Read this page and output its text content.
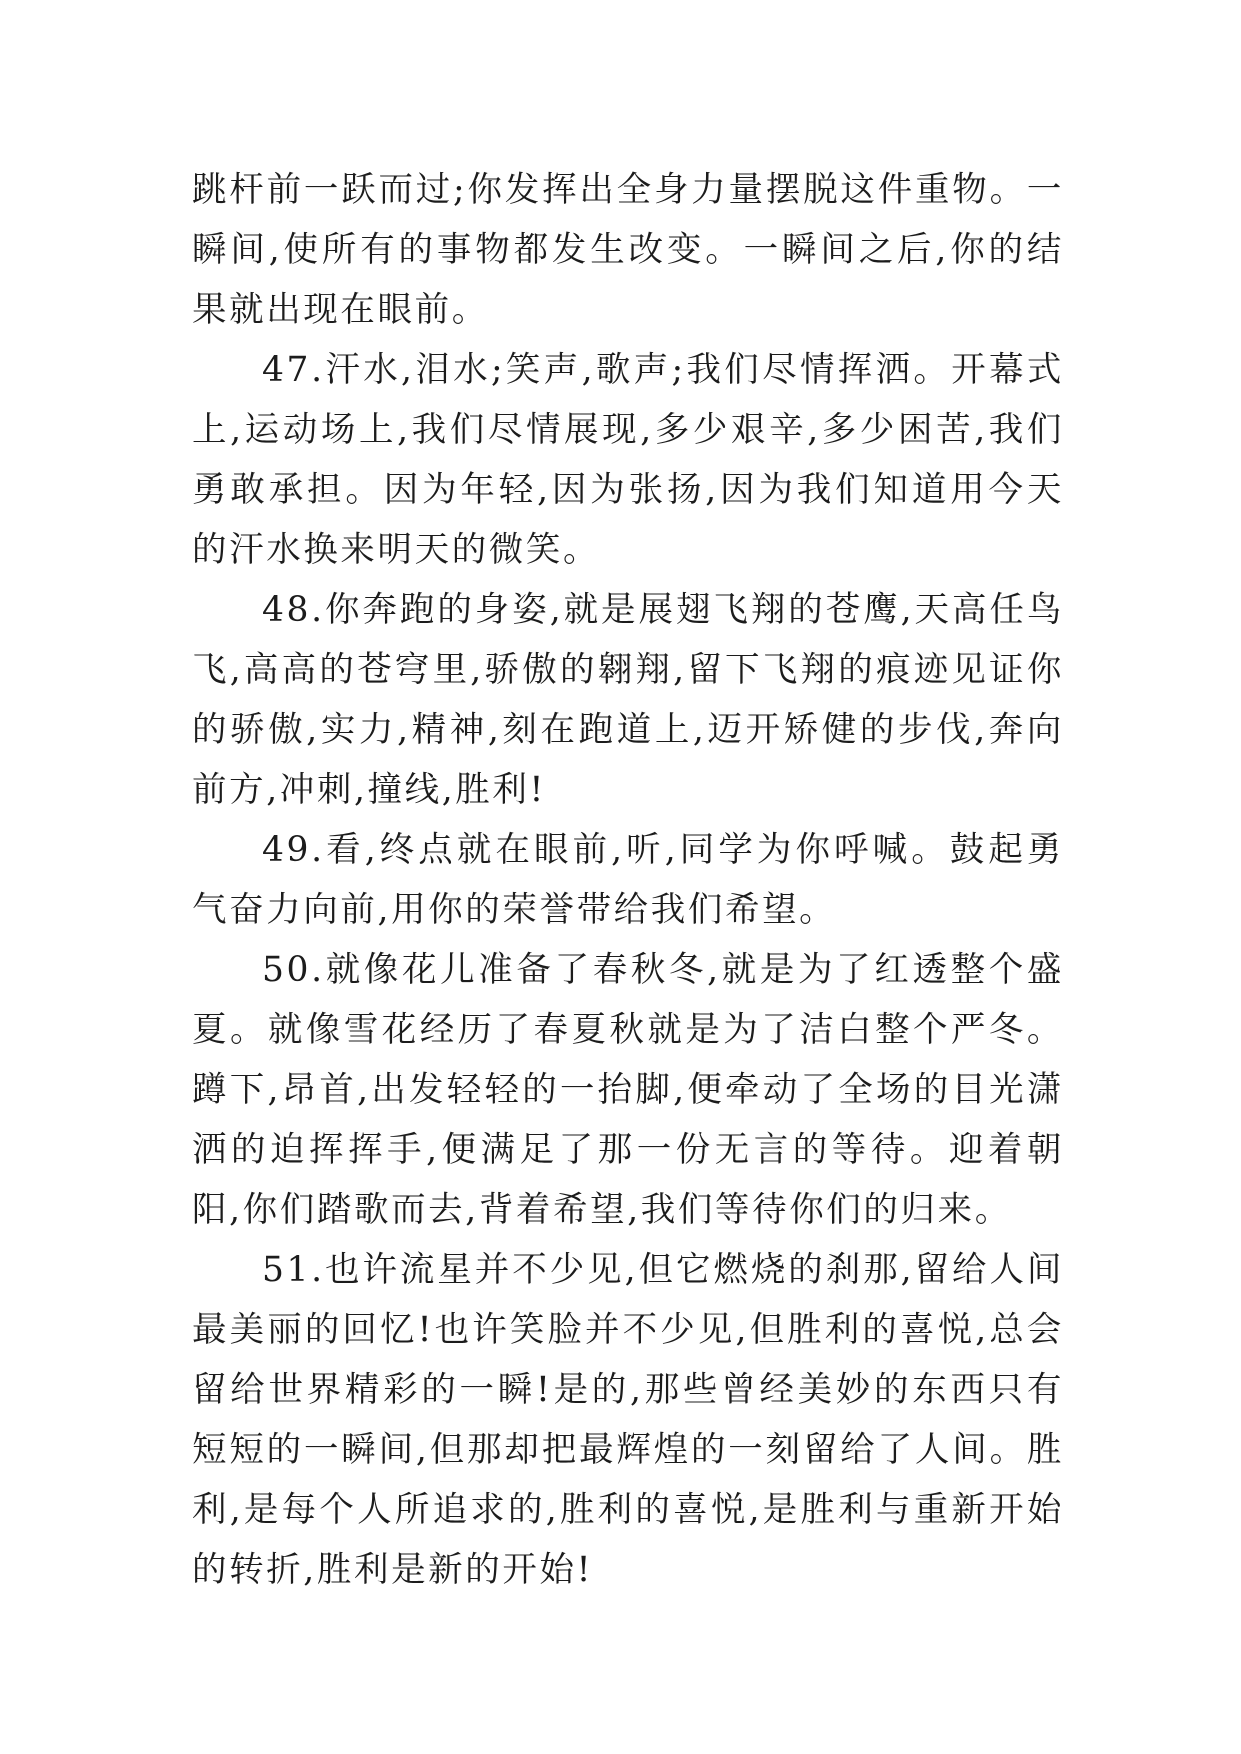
跳杆前一跃而过;你发挥出全身力量摆脱这件重物。一瞬间,使所有的事物都发生改变。一瞬间之后,你的结果就出现在眼前。

47.汗水,泪水;笑声,歌声;我们尽情挥洒。开幕式上,运动场上,我们尽情展现,多少艰辛,多少困苦,我们勇敢承担。因为年轻,因为张扬,因为我们知道用今天的汗水换来明天的微笑。

48.你奔跑的身姿,就是展翅飞翔的苍鹰,天高任鸟飞,高高的苍穹里,骄傲的翱翔,留下飞翔的痕迹见证你的骄傲,实力,精神,刻在跑道上,迈开矫健的步伐,奔向前方,冲刺,撞线,胜利!

49.看,终点就在眼前,听,同学为你呼喊。鼓起勇气奋力向前,用你的荣誉带给我们希望。

50.就像花儿准备了春秋冬,就是为了红透整个盛夏。就像雪花经历了春夏秋就是为了洁白整个严冬。蹲下,昂首,出发轻轻的一抬脚,便牵动了全场的目光潇洒的迫挥挥手,便满足了那一份无言的等待。迎着朝阳,你们踏歌而去,背着希望,我们等待你们的归来。

51.也许流星并不少见,但它燃烧的刹那,留给人间最美丽的回忆!也许笑脸并不少见,但胜利的喜悦,总会留给世界精彩的一瞬!是的,那些曾经美妙的东西只有短短的一瞬间,但那却把最辉煌的一刻留给了人间。胜利,是每个人所追求的,胜利的喜悦,是胜利与重新开始的转折,胜利是新的开始!
